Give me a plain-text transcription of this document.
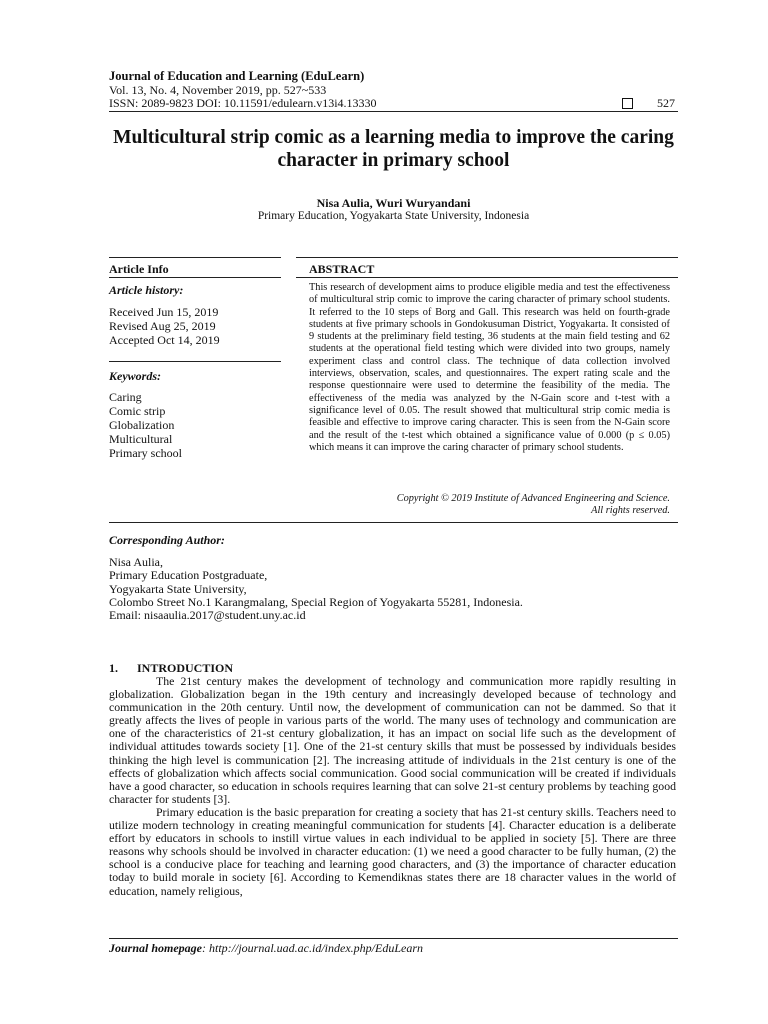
Journal of Education and Learning (EduLearn)
Vol. 13, No. 4, November 2019, pp. 527~533
ISSN: 2089-9823 DOI: 10.11591/edulearn.v13i4.13330	527
Multicultural strip comic as a learning media to improve the caring character in primary school
Nisa Aulia, Wuri Wuryandani
Primary Education, Yogyakarta State University, Indonesia
Article Info	ABSTRACT
Article history:
Received Jun 15, 2019
Revised Aug 25, 2019
Accepted Oct 14, 2019
Keywords:
Caring
Comic strip
Globalization
Multicultural
Primary school
This research of development aims to produce eligible media and test the effectiveness of multicultural strip comic to improve the caring character of primary school students. It referred to the 10 steps of Borg and Gall. This research was held on fourth-grade students at five primary schools in Gondokusuman District, Yogyakarta. It consisted of 9 students at the preliminary field testing, 36 students at the main field testing and 62 students at the operational field testing which were divided into two groups, namely experiment class and control class. The technique of data collection involved interviews, observation, scales, and questionnaires. The expert rating scale and the response questionnaire were used to determine the feasibility of the media. The effectiveness of the media was analyzed by the N-Gain score and t-test with a significance level of 0.05. The result showed that multicultural strip comic media is feasible and effective to improve caring character. This is seen from the N-Gain score and the result of the t-test which obtained a significance value of 0.000 (p ≤ 0.05) which means it can improve the caring character of primary school students.
Copyright © 2019 Institute of Advanced Engineering and Science.
All rights reserved.
Corresponding Author:
Nisa Aulia,
Primary Education Postgraduate,
Yogyakarta State University,
Colombo Street No.1 Karangmalang, Special Region of Yogyakarta 55281, Indonesia.
Email: nisaaulia.2017@student.uny.ac.id
1. INTRODUCTION

The 21st century makes the development of technology and communication more rapidly resulting in globalization. Globalization began in the 19th century and increasingly developed because of technology and communication in the 20th century. Until now, the development of communication can not be dammed. So that it greatly affects the lives of people in various parts of the world. The many uses of technology and communication are one of the characteristics of 21-st century globalization, it has an impact on social life such as the development of individual attitudes towards society [1]. One of the 21-st century skills that must be possessed by individuals besides thinking the high level is communication [2]. The increasing attitude of individuals in the 21st century is one of the effects of globalization which affects social communication. Good social communication will be created if individuals have a good character, so education in schools requires learning that can solve 21-st century problems by teaching good character for students [3].

Primary education is the basic preparation for creating a society that has 21-st century skills. Teachers need to utilize modern technology in creating meaningful communication for students [4]. Character education is a deliberate effort by educators in schools to instill virtue values in each individual to be applied in society [5]. There are three reasons why schools should be involved in character education: (1) we need a good character to be fully human, (2) the school is a conducive place for teaching and learning good characters, and (3) the importance of character education today to build morale in society [6]. According to Kemendiknas states there are 18 character values in the world of education, namely religious,

Journal homepage: http://journal.uad.ac.id/index.php/EduLearn
